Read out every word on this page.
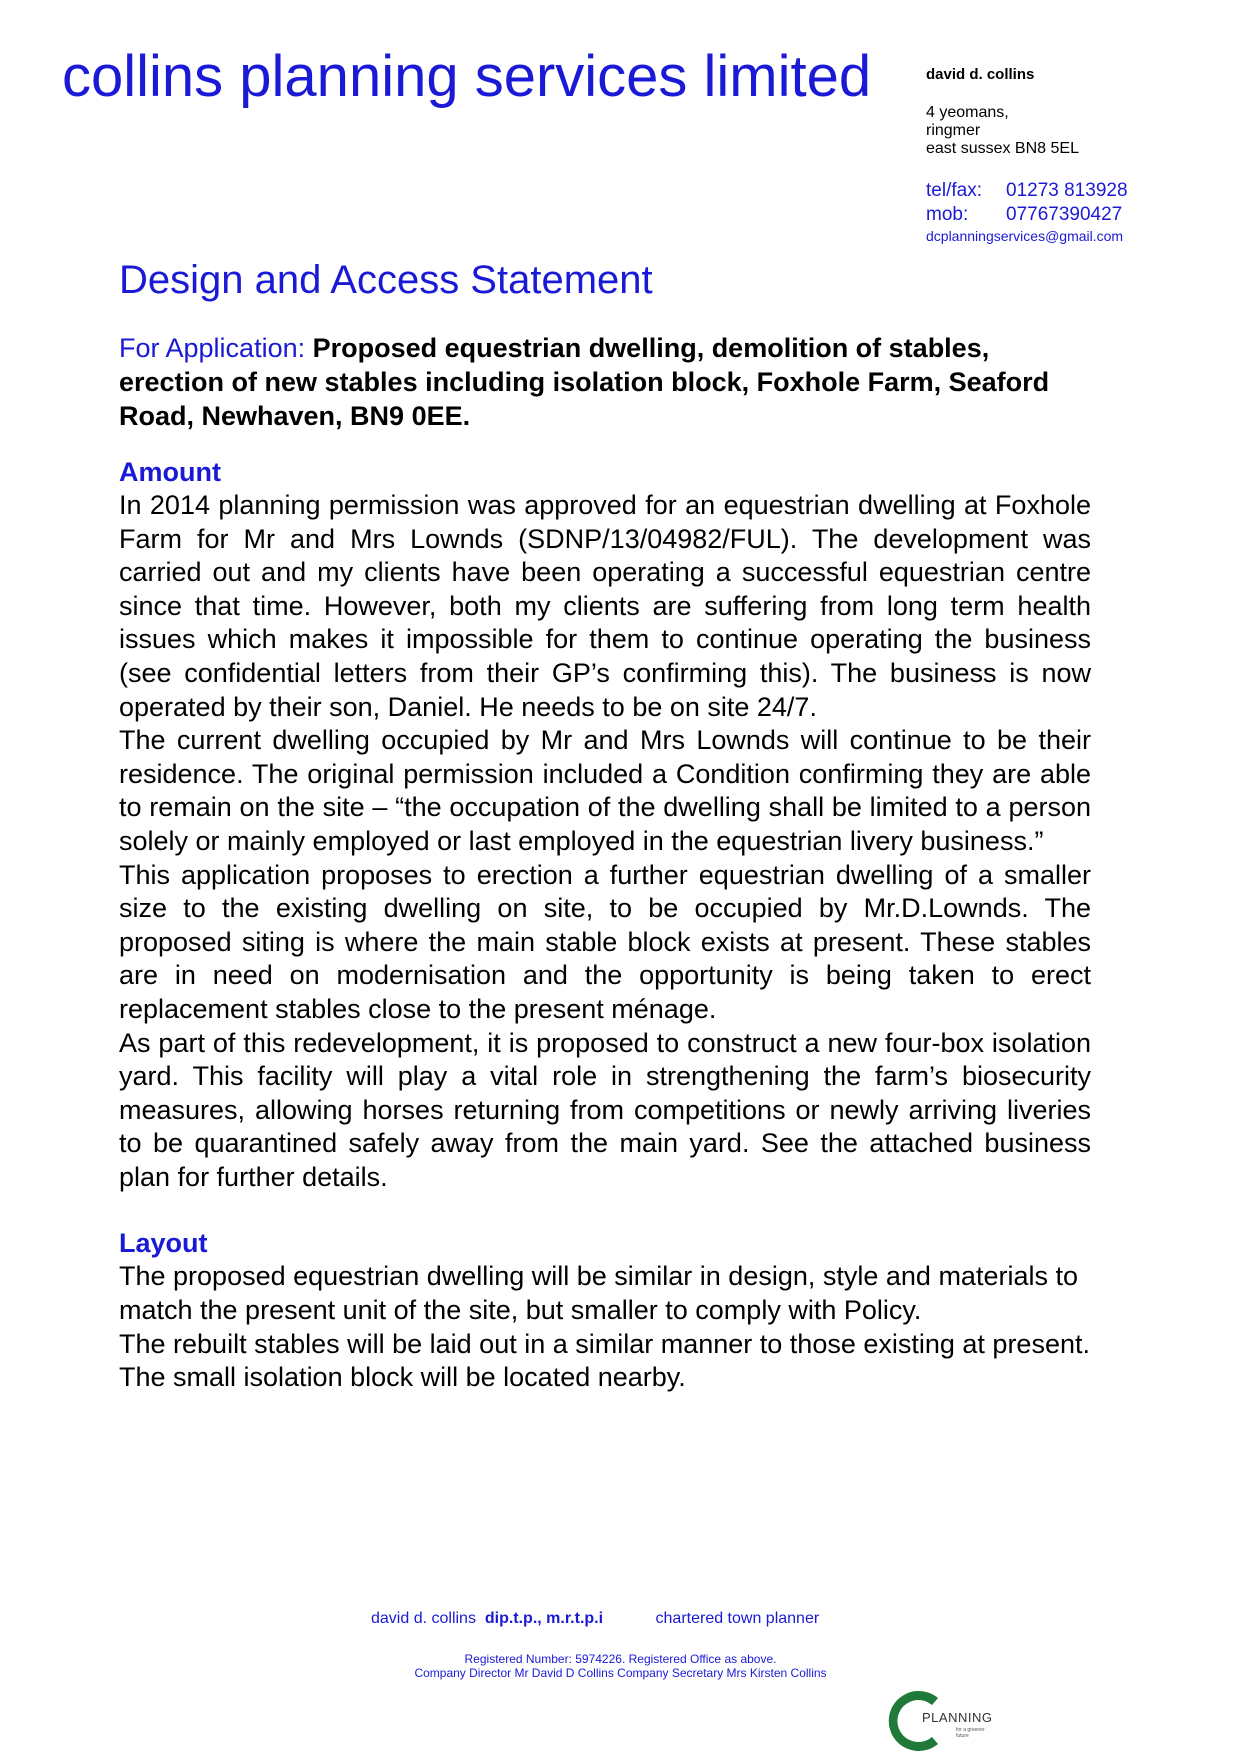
collins planning services limited	david d. collins
4 yeomans,
ringmer
east sussex BN8 5EL
tel/fax: 01273 813928
mob: 07767390427
dcplanningservices@gmail.com
Design and Access Statement
For Application: Proposed equestrian dwelling, demolition of stables, erection of new stables including isolation block, Foxhole Farm, Seaford Road, Newhaven, BN9 0EE.
Amount
In 2014 planning permission was approved for an equestrian dwelling at Foxhole Farm for Mr and Mrs Lownds (SDNP/13/04982/FUL). The development was carried out and my clients have been operating a successful equestrian centre since that time. However, both my clients are suffering from long term health issues which makes it impossible for them to continue operating the business (see confidential letters from their GP’s confirming this). The business is now operated by their son, Daniel. He needs to be on site 24/7.
The current dwelling occupied by Mr and Mrs Lownds will continue to be their residence. The original permission included a Condition confirming they are able to remain on the site – “the occupation of the dwelling shall be limited to a person solely or mainly employed or last employed in the equestrian livery business.”
This application proposes to erection a further equestrian dwelling of a smaller size to the existing dwelling on site, to be occupied by Mr.D.Lownds. The proposed siting is where the main stable block exists at present. These stables are in need on modernisation and the opportunity is being taken to erect replacement stables close to the present ménage.
As part of this redevelopment, it is proposed to construct a new four-box isolation yard. This facility will play a vital role in strengthening the farm’s biosecurity measures, allowing horses returning from competitions or newly arriving liveries to be quarantined safely away from the main yard. See the attached business plan for further details.
Layout
The proposed equestrian dwelling will be similar in design, style and materials to match the present unit of the site, but smaller to comply with Policy.
The rebuilt stables will be laid out in a similar manner to those existing at present. The small isolation block will be located nearby.
david d. collins dip.t.p., m.r.t.p.i	chartered town planner
Registered Number: 5974226. Registered Office as above.
Company Director Mr David D Collins Company Secretary Mrs Kirsten Collins
PLANNING
for a greener
future
